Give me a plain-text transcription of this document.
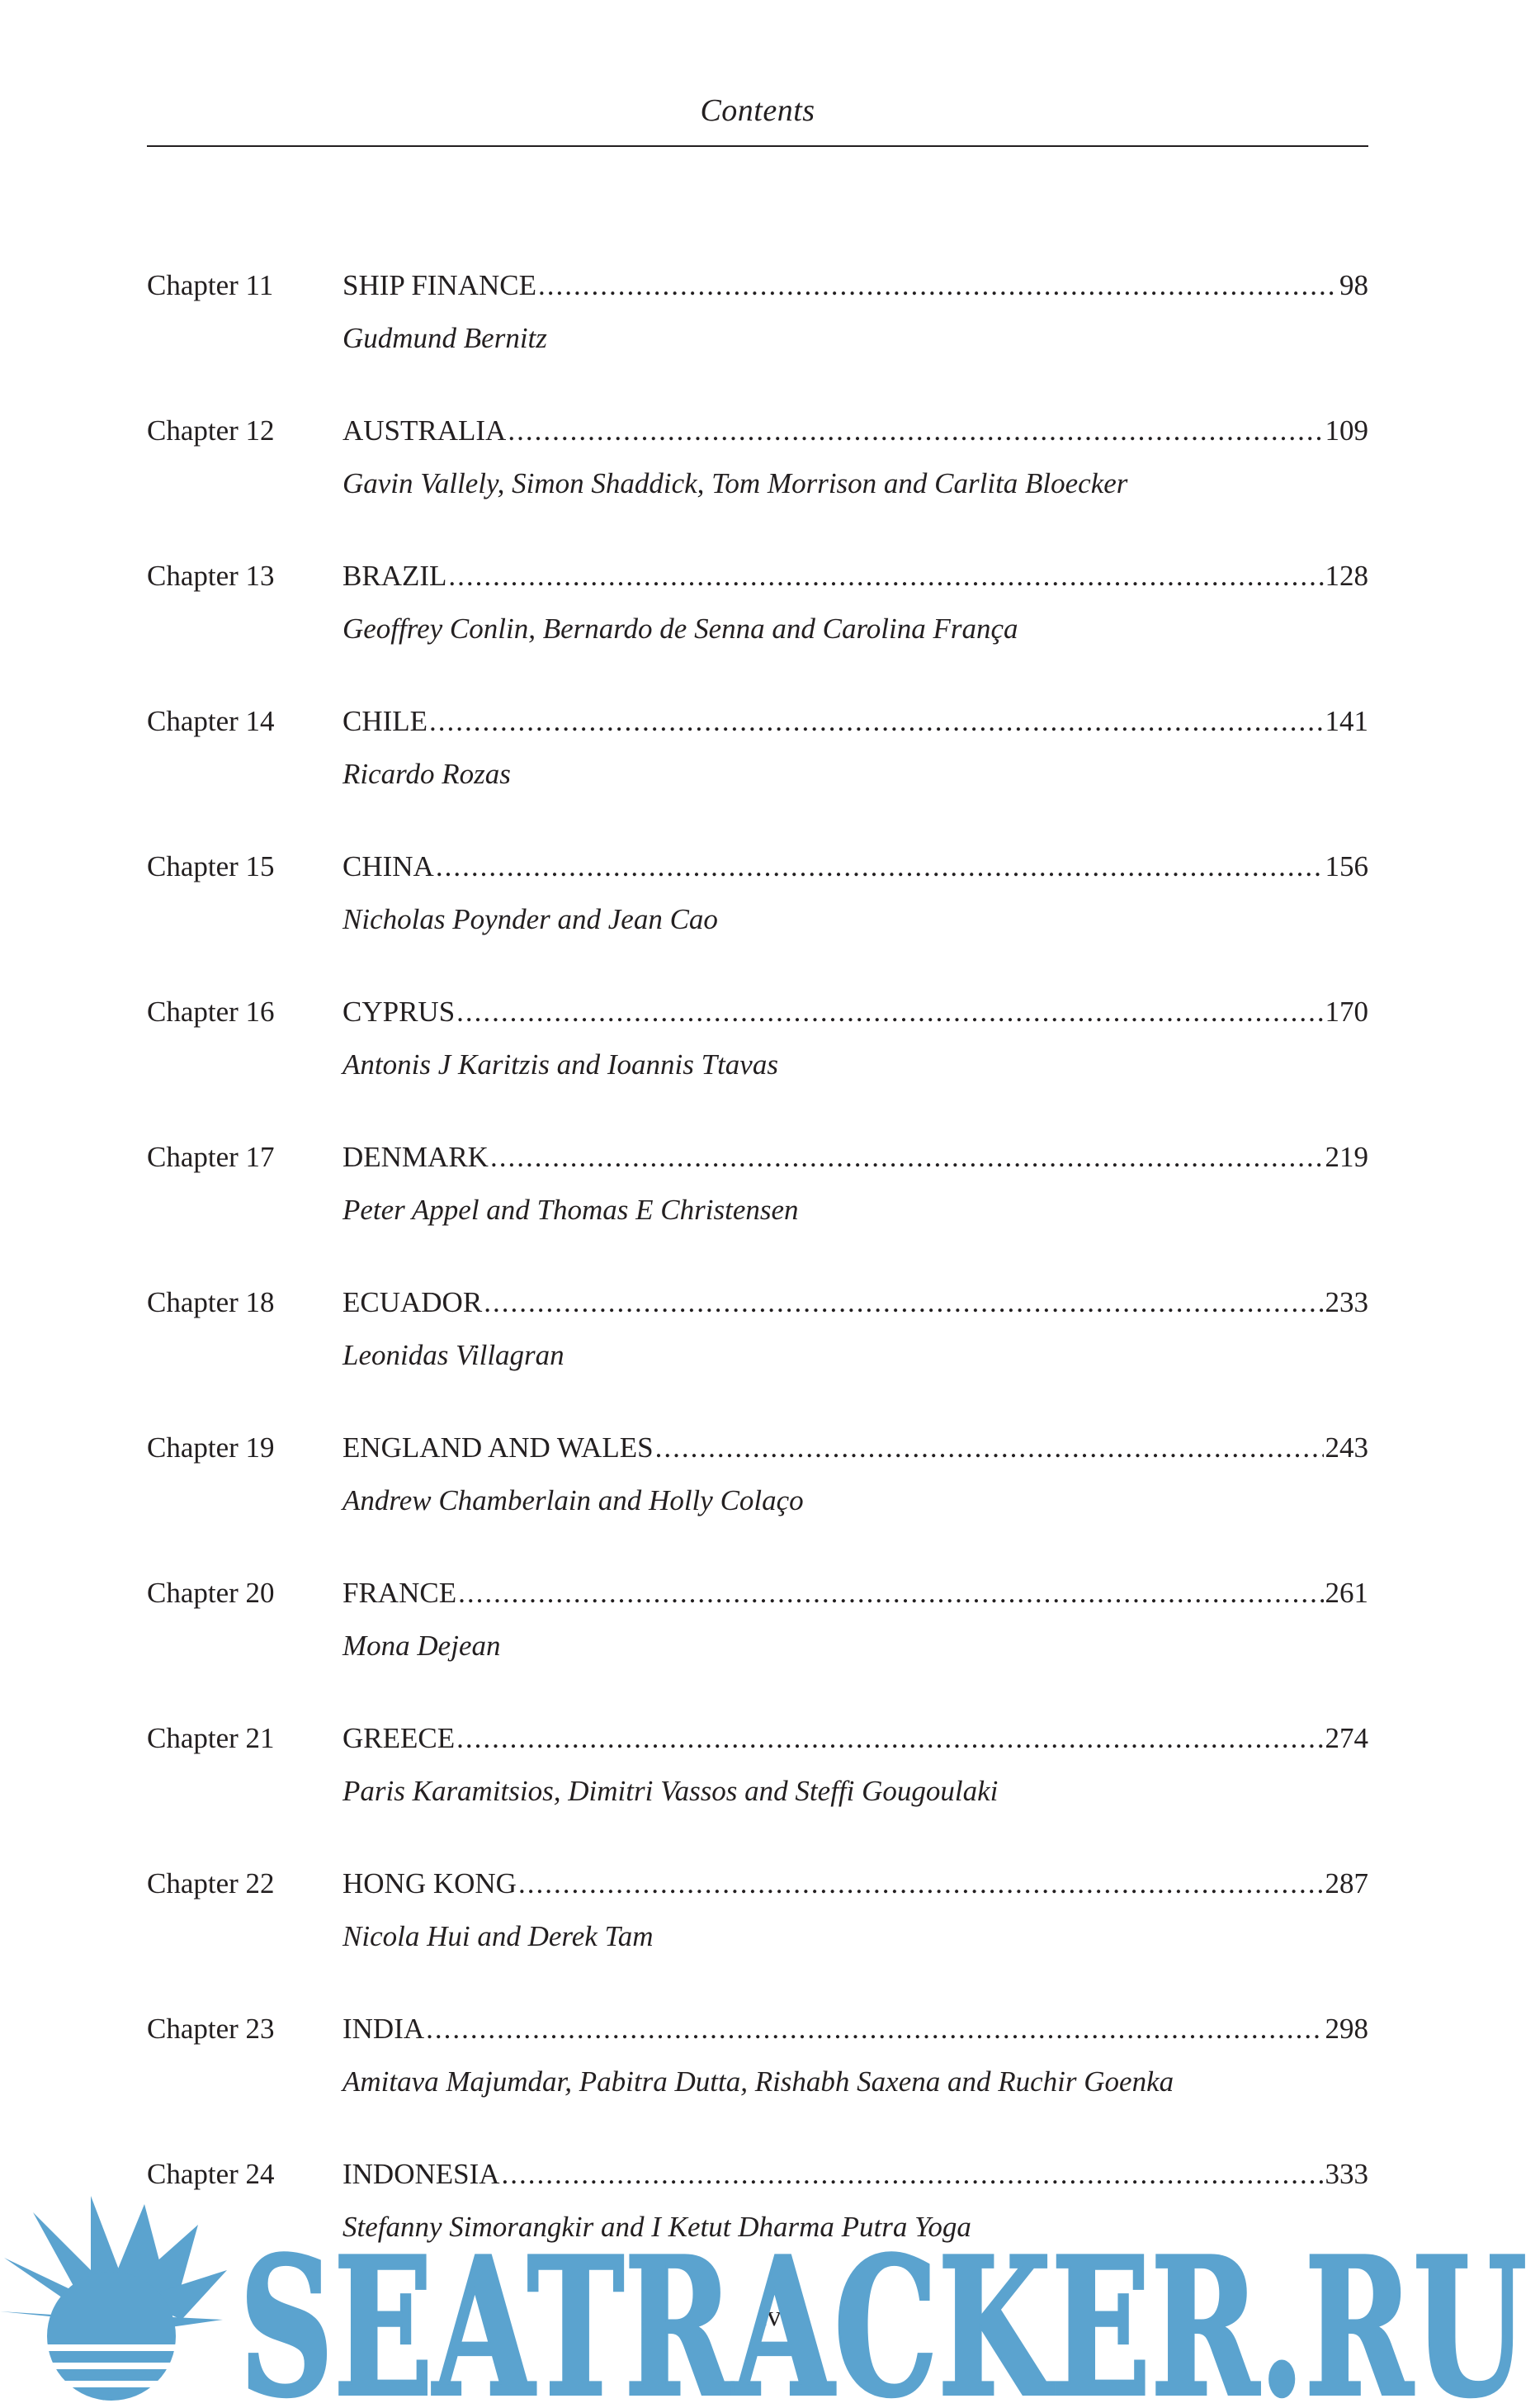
Contents
Chapter 11 SHIP FINANCE .....	98
Gudmund Bernitz
Chapter 12 AUSTRALIA .....	109
Gavin Vallely, Simon Shaddick, Tom Morrison and Carlita Bloecker
Chapter 13 BRAZIL .....	128
Geoffrey Conlin, Bernardo de Senna and Carolina França
Chapter 14 CHILE .....	141
Ricardo Rozas
Chapter 15 CHINA .....	156
Nicholas Poynder and Jean Cao
Chapter 16 CYPRUS .....	170
Antonis J Karitzis and Ioannis Ttavas
Chapter 17 DENMARK .....	219
Peter Appel and Thomas E Christensen
Chapter 18 ECUADOR .....	233
Leonidas Villagran
Chapter 19 ENGLAND AND WALES .....	243
Andrew Chamberlain and Holly Colaço
Chapter 20 FRANCE .....	261
Mona Dejean
Chapter 21 GREECE .....	274
Paris Karamitsios, Dimitri Vassos and Steffi Gougoulaki
Chapter 22 HONG KONG .....	287
Nicola Hui and Derek Tam
Chapter 23 INDIA .....	298
Amitava Majumdar, Pabitra Dutta, Rishabh Saxena and Ruchir Goenka
Chapter 24 INDONESIA .....	333
Stefanny Simorangkir and I Ketut Dharma Putra Yoga
iv
SEATRACKER.RU
